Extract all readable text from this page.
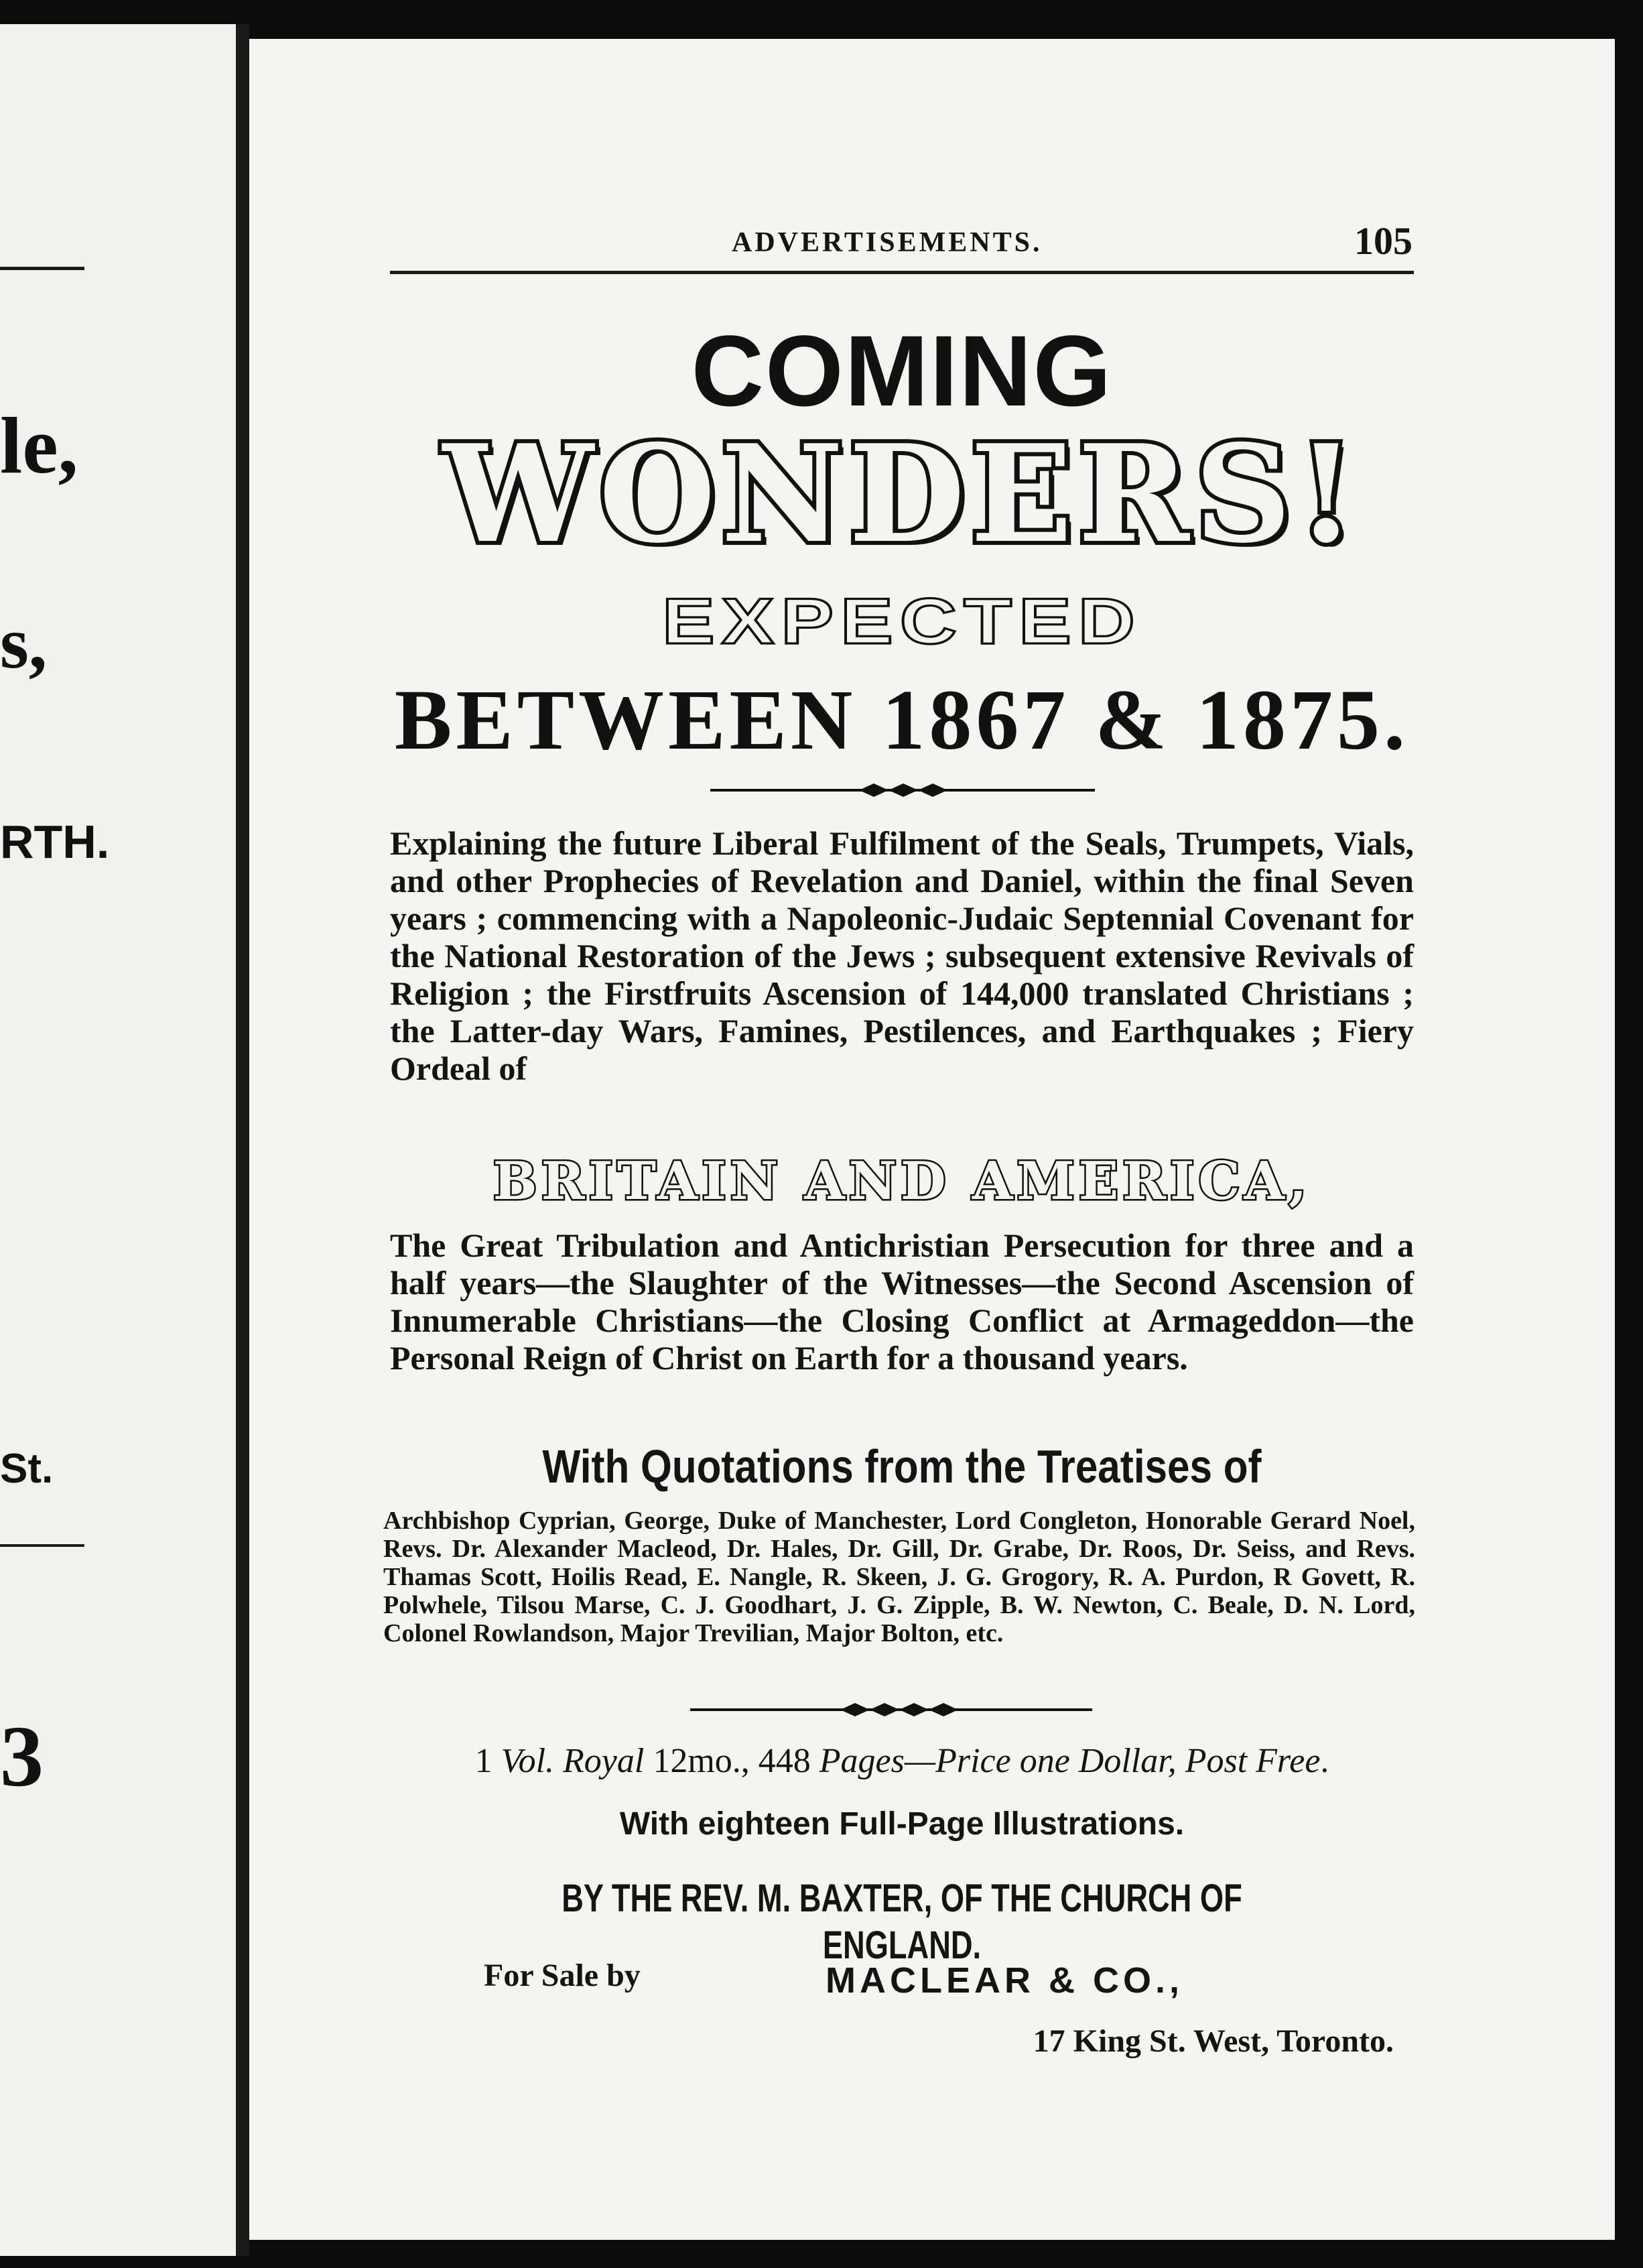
le,
s,
RTH.
St.
3
ADVERTISEMENTS.	105
COMING
WONDERS!
EXPECTED
BETWEEN 1867 & 1875.
Explaining the future Liberal Fulfilment of the Seals, Trumpets, Vials, and other Prophecies of Revelation and Daniel, within the final Seven years ; commencing with a Napoleonic-Judaic Septennial Covenant for the National Restoration of the Jews ; subsequent extensive Revivals of Religion ; the Firstfruits Ascension of 144,000 translated Christians ; the Latter-day Wars, Famines, Pestilences, and Earthquakes ; Fiery Ordeal of
BRITAIN AND AMERICA,
The Great Tribulation and Antichristian Persecution for three and a half years—the Slaughter of the Witnesses—the Second Ascension of Innumerable Christians—the Closing Conflict at Armageddon—the Personal Reign of Christ on Earth for a thousand years.
With Quotations from the Treatises of
Archbishop Cyprian, George, Duke of Manchester, Lord Congleton, Honorable Gerard Noel, Revs. Dr. Alexander Macleod, Dr. Hales, Dr. Gill, Dr. Grabe, Dr. Roos, Dr. Seiss, and Revs. Thamas Scott, Hoilis Read, E. Nangle, R. Skeen, J. G. Grogory, R. A. Purdon, R Govett, R. Polwhele, Tilsou Marse, C. J. Goodhart, J. G. Zipple, B. W. Newton, C. Beale, D. N. Lord, Colonel Rowlandson, Major Trevilian, Major Bolton, etc.
1 Vol. Royal 12mo., 448 Pages—Price one Dollar, Post Free.
With eighteen Full-Page Illustrations.
BY THE REV. M. BAXTER, OF THE CHURCH OF ENGLAND.
For Sale by	MACLEAR & CO.,
17 King St. West, Toronto.
